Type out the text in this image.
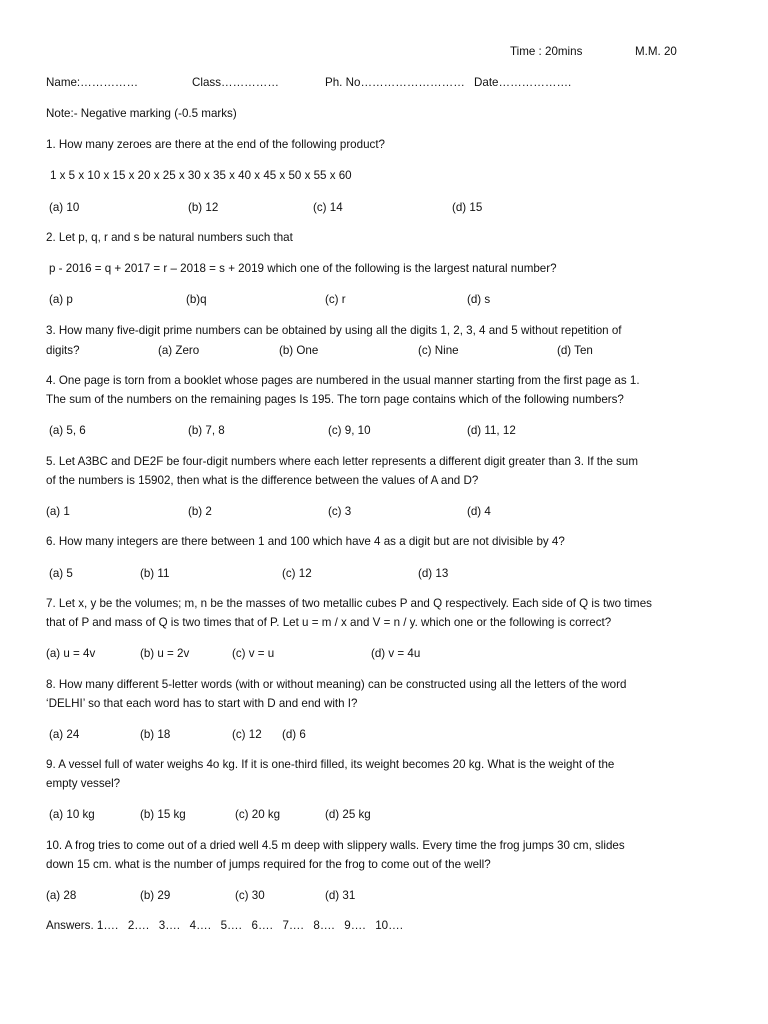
Time : 20mins	M.M. 20
Name:……………	Class……………	Ph. No……………………… Date……………….
Note:- Negative marking (-0.5 marks)
1. How many zeroes are there at the end of the following product?
1 x 5 x 10 x 15 x 20 x 25 x 30 x 35 x 40 x 45 x 50 x 55 x 60
(a) 10	(b) 12	(c) 14	(d) 15
2. Let p, q, r and s be natural numbers such that
p - 2016 = q + 2017 = r – 2018 = s + 2019 which one of the following is the largest natural number?
(a) p	(b)q	(c) r	(d) s
3. How many five-digit prime numbers can be obtained by using all the digits 1, 2, 3, 4 and 5 without repetition of
digits?	(a) Zero	(b) One	(c) Nine	(d) Ten
4. One page is torn from a booklet whose pages are numbered in the usual manner starting from the first page as 1.
The sum of the numbers on the remaining pages Is 195. The torn page contains which of the following numbers?
(a) 5, 6	(b) 7, 8	(c) 9, 10	(d) 11, 12
5. Let A3BC and DE2F be four-digit numbers where each letter represents a different digit greater than 3. If the sum
of the numbers is 15902, then what is the difference between the values of A and D?
(a) 1	(b) 2	(c) 3	(d) 4
6. How many integers are there between 1 and 100 which have 4 as a digit but are not divisible by 4?
(a) 5	(b) 11	(c) 12	(d) 13
7. Let x, y be the volumes; m, n be the masses of two metallic cubes P and Q respectively. Each side of Q is two times
that of P and mass of Q is two times that of P. Let u = m / x and V = n / y. which one or the following is correct?
(a) u = 4v	(b) u = 2v	(c) v = u	(d) v = 4u
8. How many different 5-letter words (with or without meaning) can be constructed using all the letters of the word
‘DELHI’ so that each word has to start with D and end with I?
(a) 24	(b) 18	(c) 12 (d) 6
9. A vessel full of water weighs 4o kg. If it is one-third filled, its weight becomes 20 kg. What is the weight of the
empty vessel?
(a) 10 kg	(b) 15 kg	(c) 20 kg	(d) 25 kg
10. A frog tries to come out of a dried well 4.5 m deep with slippery walls. Every time the frog jumps 30 cm, slides
down 15 cm. what is the number of jumps required for the frog to come out of the well?
(a) 28	(b) 29	(c) 30	(d) 31
Answers. 1….   2….   3….   4….   5….   6….   7….   8….   9….   10….
